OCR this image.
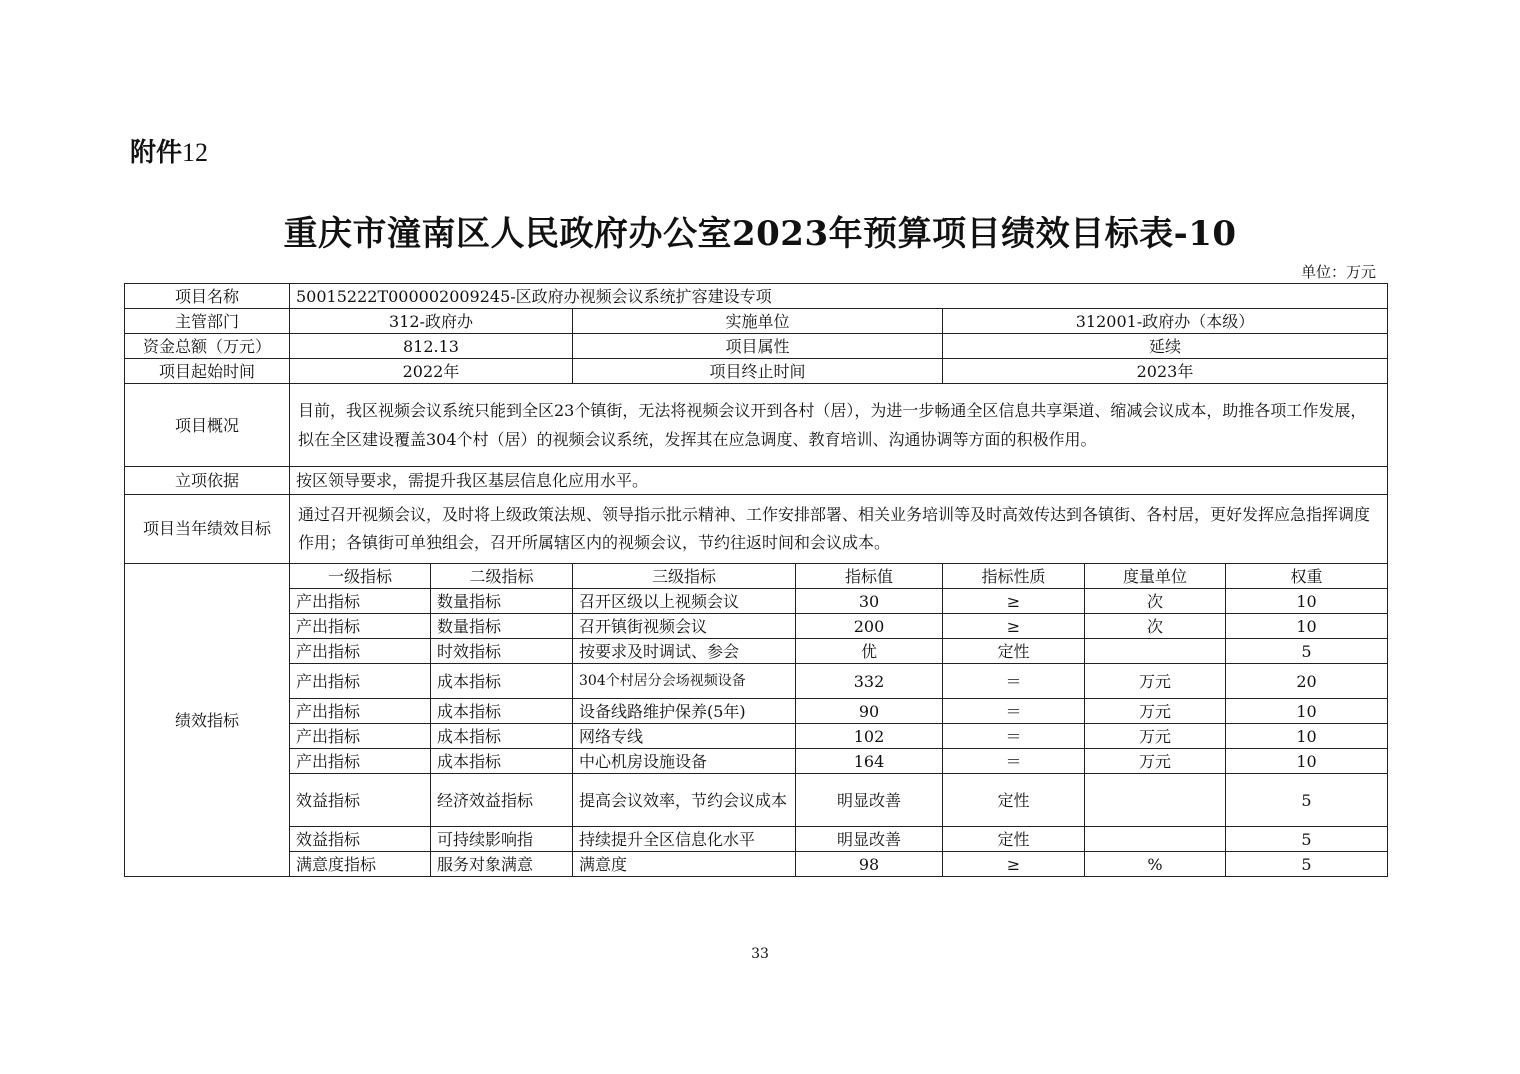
附件12
重庆市潼南区人民政府办公室2023年预算项目绩效目标表-10
单位：万元
项目名称	50015222T000002009245-区政府办视频会议系统扩容建设专项						
主管部门	312-政府办		实施单位		312001-政府办（本级）		
资金总额（万元）	812.13		项目属性		延续		
项目起始时间	2022年		项目终止时间		2023年		
项目概况	目前，我区视频会议系统只能到全区23个镇街，无法将视频会议开到各村（居），为进一步畅通全区信息共享渠道、缩减会议成本，助推各项工作发展，拟在全区建设覆盖304个村（居）的视频会议系统，发挥其在应急调度、教育培训、沟通协调等方面的积极作用。						
立项依据	按区领导要求，需提升我区基层信息化应用水平。						
项目当年绩效目标	通过召开视频会议，及时将上级政策法规、领导指示批示精神、工作安排部署、相关业务培训等及时高效传达到各镇街、各村居，更好发挥应急指挥调度作用；各镇街可单独组会，召开所属辖区内的视频会议，节约往返时间和会议成本。						
绩效指标	一级指标	二级指标	三级指标	指标值	指标性质	度量单位	权重
	产出指标	数量指标	召开区级以上视频会议	30	≥	次	10
	产出指标	数量指标	召开镇街视频会议	200	≥	次	10
	产出指标	时效指标	按要求及时调试、参会	优	定性		5
	产出指标	成本指标	304个村居分会场视频设备	332	＝	万元	20
	产出指标	成本指标	设备线路维护保养(5年)	90	＝	万元	10
	产出指标	成本指标	网络专线	102	＝	万元	10
	产出指标	成本指标	中心机房设施设备	164	＝	万元	10
	效益指标	经济效益指标	提高会议效率，节约会议成本	明显改善	定性		5
	效益指标	可持续影响指	持续提升全区信息化水平	明显改善	定性		5
	满意度指标	服务对象满意	满意度	98	≥	%	5
33
